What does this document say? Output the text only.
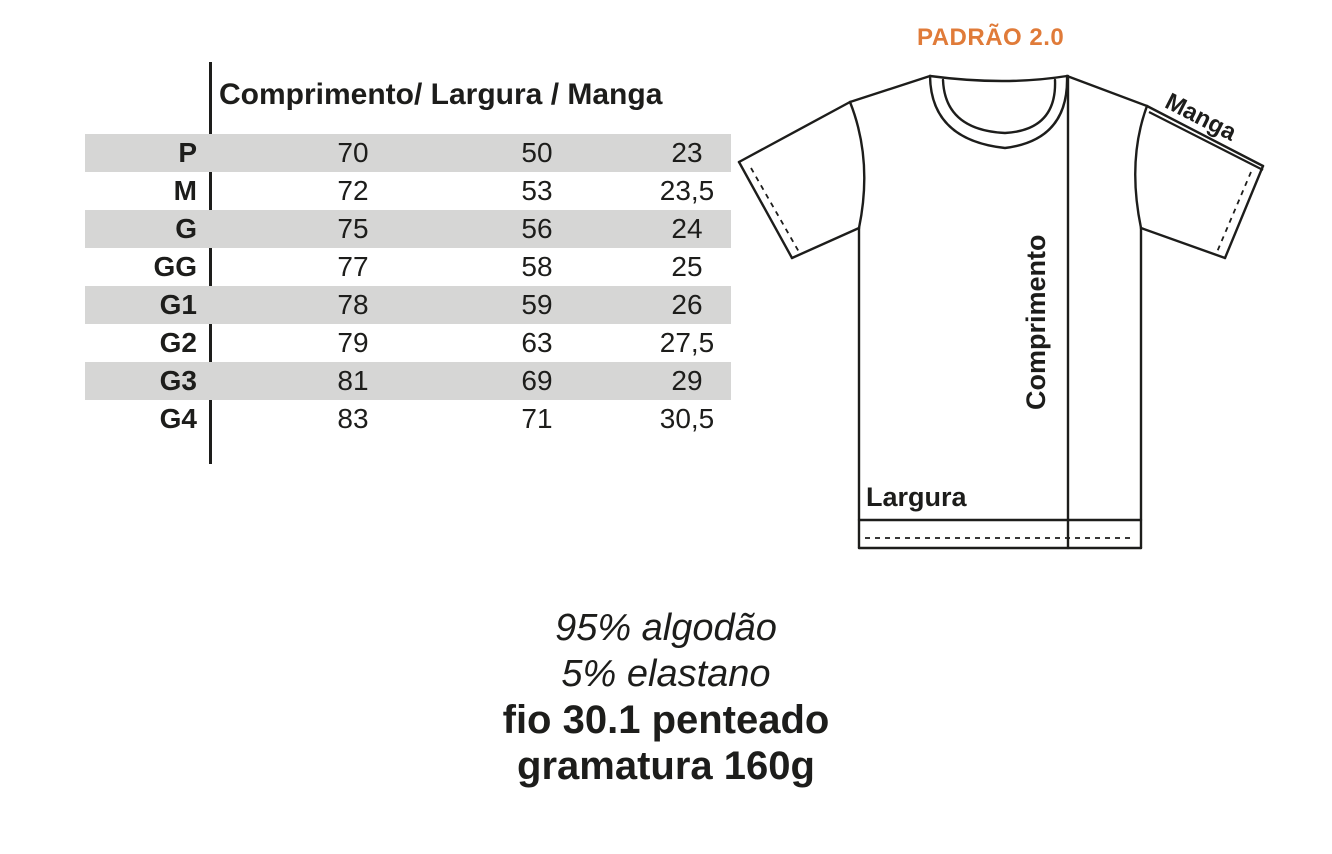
Comprimento/ Largura / Manga
P	70	50	23
M	72	53	23,5
G	75	56	24
GG	77	58	25
G1	78	59	26
G2	79	63	27,5
G3	81	69	29
G4	83	71	30,5
PADRÃO 2.0
Comprimento
Largura
Manga
95% algodão
5% elastano
fio 30.1 penteado
gramatura 160g
